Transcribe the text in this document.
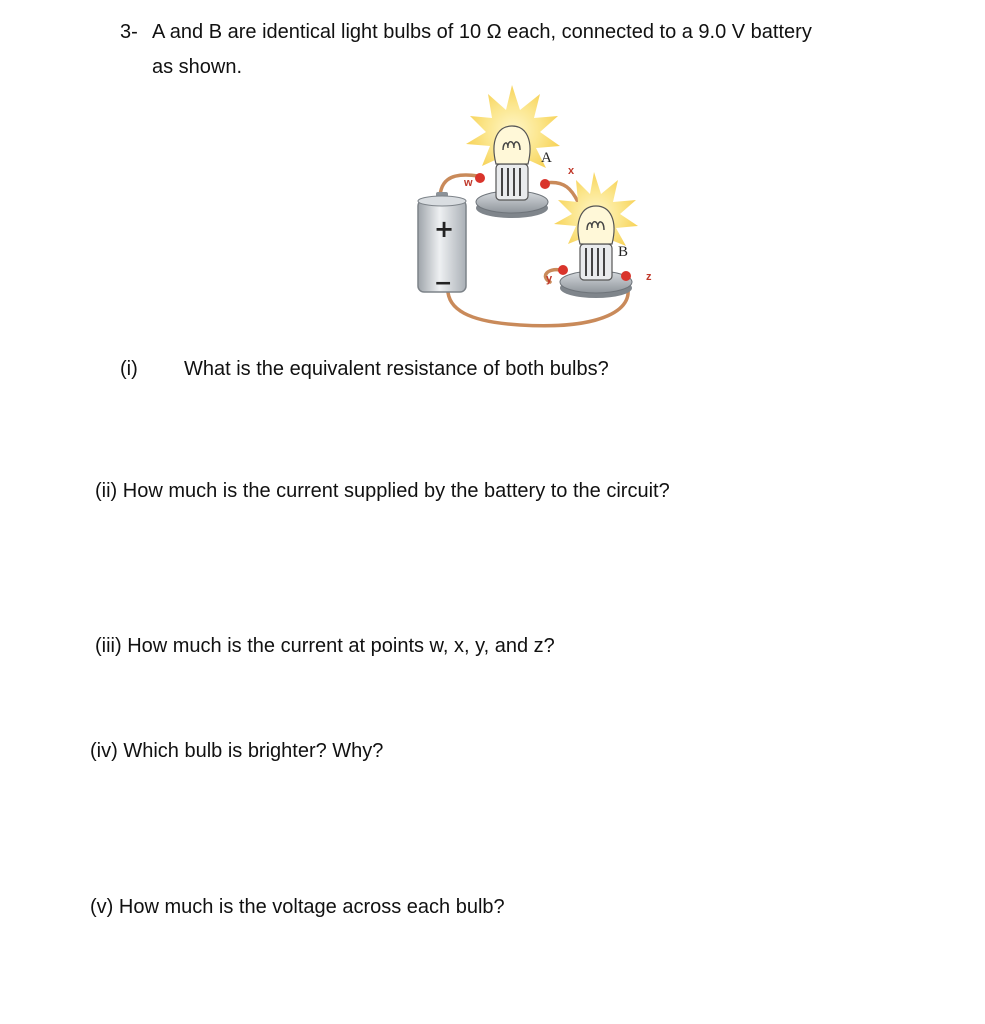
3- A and B are identical light bulbs of 10 Ω each, connected to a 9.0 V battery
as shown.
+
−
A
w
x
B
y	z
(i) What is the equivalent resistance of both bulbs?
(ii) How much is the current supplied by the battery to the circuit?
(iii) How much is the current at points w, x, y, and z?
(iv) Which bulb is brighter? Why?
(v) How much is the voltage across each bulb?
